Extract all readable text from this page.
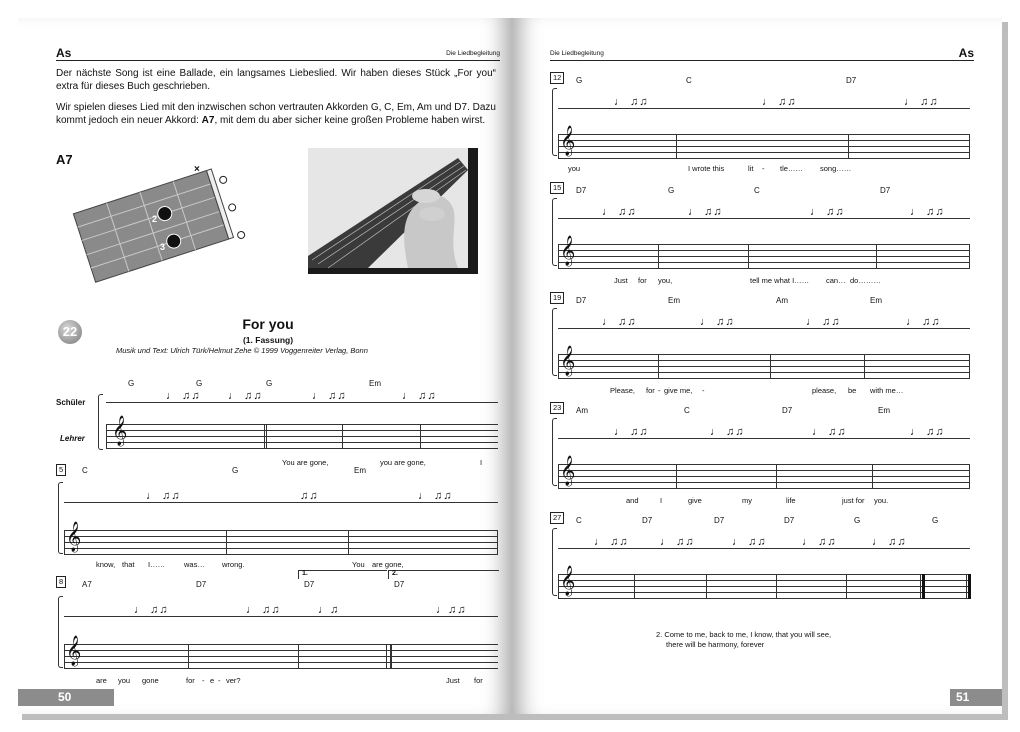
As	Die Liedbegleitung
Der nächste Song ist eine Ballade, ein langsames Liebeslied. Wir haben dieses Stück „For you“ extra für dieses Buch geschrieben.
Wir spielen dieses Lied mit den inzwischen schon vertrauten Akkorden G, C, Em, Am und D7. Dazu kommt jedoch ein neuer Akkord: A7, mit dem du aber sicher keine großen Probleme haben wirst.
A7
2
3
×
22	For you
(1. Fassung)
Musik und Text: Ulrich Türk/Helmut Zehe © 1999 Voggenreiter Verlag, Bonn
Schüler
Lehrer
G	G	G	Em
♩ ♫♫ ♩ ♫♫	♩ ♫♫	♩ ♫♫
𝄞
You are gone,	you are gone,	I
5	C	G	Em
♩ ♫♫	♫♫	♩ ♫♫
𝄞
know, that I……	was… wrong.	You are gone,
8
1.	2.
A7	D7	D7	D7
♩ ♫♫	♩ ♫♫	♩♫	♩♫♫
𝄞
are you gone	for - e - ver?	Just for
50
Die Liedbegleitung	As
12	G	C	D7
♩ ♫♫	♩ ♫♫	♩ ♫♫
𝄞
you	I wrote this	lit - tle…… song……
15	D7	G	C	D7
♩ ♫♫	♩ ♫♫	♩ ♫♫	♩ ♫♫
𝄞
Just for you,	tell me what I…… can… do………
19	D7	Em	Am	Em
♩ ♫♫	♩ ♫♫	♩ ♫♫	♩ ♫♫
𝄞
Please, for - give me, -	please, be with me…
23	Am	C	D7	Em
♩ ♫♫	♩ ♫♫	♩ ♫♫	♩ ♫♫
𝄞
and	I	give	my	life	just for you.
27	C	D7	D7	D7	G	G
♩ ♫♫	♩ ♫♫	♩ ♫♫	♩ ♫♫	♩ ♫♫
𝄞
2. Come to me, back to me, I know, that you will see,
there will be harmony, forever
51
